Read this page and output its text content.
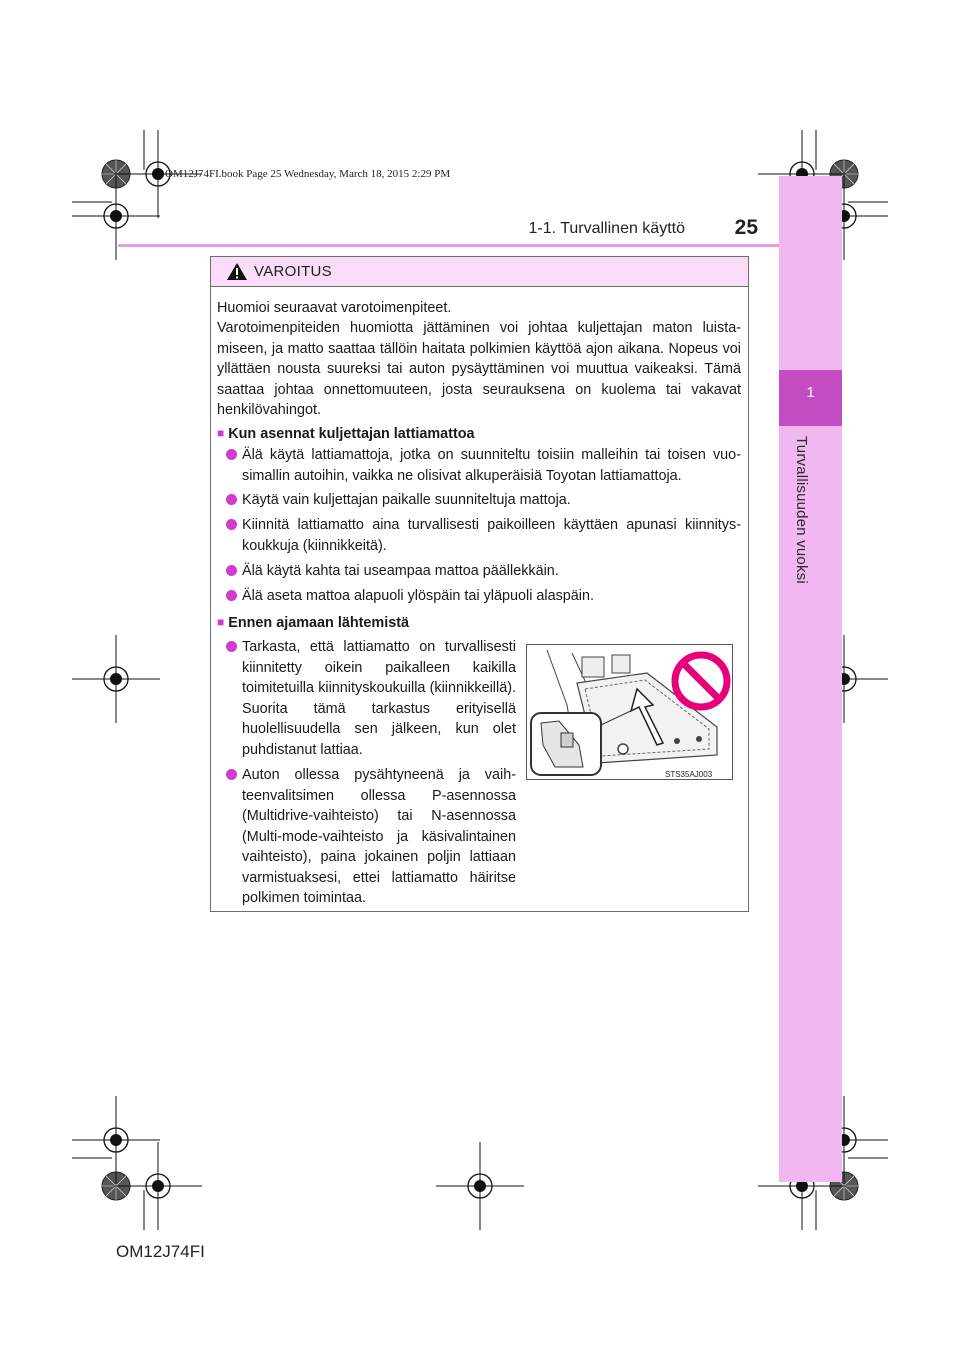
OM12J74FI.book Page 25 Wednesday, March 18, 2015 2:29 PM
1
Turvallisuuden vuoksi
1-1. Turvallinen käyttö	25
VAROITUS
Huomioi seuraavat varotoimenpiteet.
Varotoimenpiteiden huomiotta jättäminen voi johtaa kuljettajan maton luistamiseen, ja matto saattaa tällöin haitata polkimien käyttöä ajon aikana. Nopeus voi yllättäen nousta suureksi tai auton pysäyttäminen voi muuttua vaikeaksi. Tämä saattaa johtaa onnettomuuteen, josta seurauksena on kuolema tai vakavat henkilövahingot.
■ Kun asennat kuljettajan lattiamattoa
Älä käytä lattiamattoja, jotka on suunniteltu toisiin malleihin tai toisen vuosimallin autoihin, vaikka ne olisivat alkuperäisiä Toyotan lattiamattoja.
Käytä vain kuljettajan paikalle suunniteltuja mattoja.
Kiinnitä lattiamatto aina turvallisesti paikoilleen käyttäen apunasi kiinnityskoukkuja (kiinnikkeitä).
Älä käytä kahta tai useampaa mattoa päällekkäin.
Älä aseta mattoa alapuoli ylöspäin tai yläpuoli alaspäin.
■ Ennen ajamaan lähtemistä
Tarkasta, että lattiamatto on turvallisesti kiinnitetty oikein paikalleen kaikilla toimitetuilla kiinnityskoukuilla (kiinnikkeillä). Suorita tämä tarkastus erityisellä huolellisuudella sen jälkeen, kun olet puhdistanut lattiaa.
Auton ollessa pysähtyneenä ja vaihteenvalitsimen ollessa P-asennossa (Multidrive-vaihteisto) tai N-asennossa (Multi-mode-vaihteisto ja käsivalintainen vaihteisto), paina jokainen poljin lattiaan varmistuaksesi, ettei lattiamatto häiritse polkimen toimintaa.
STS35AJ003
OM12J74FI
